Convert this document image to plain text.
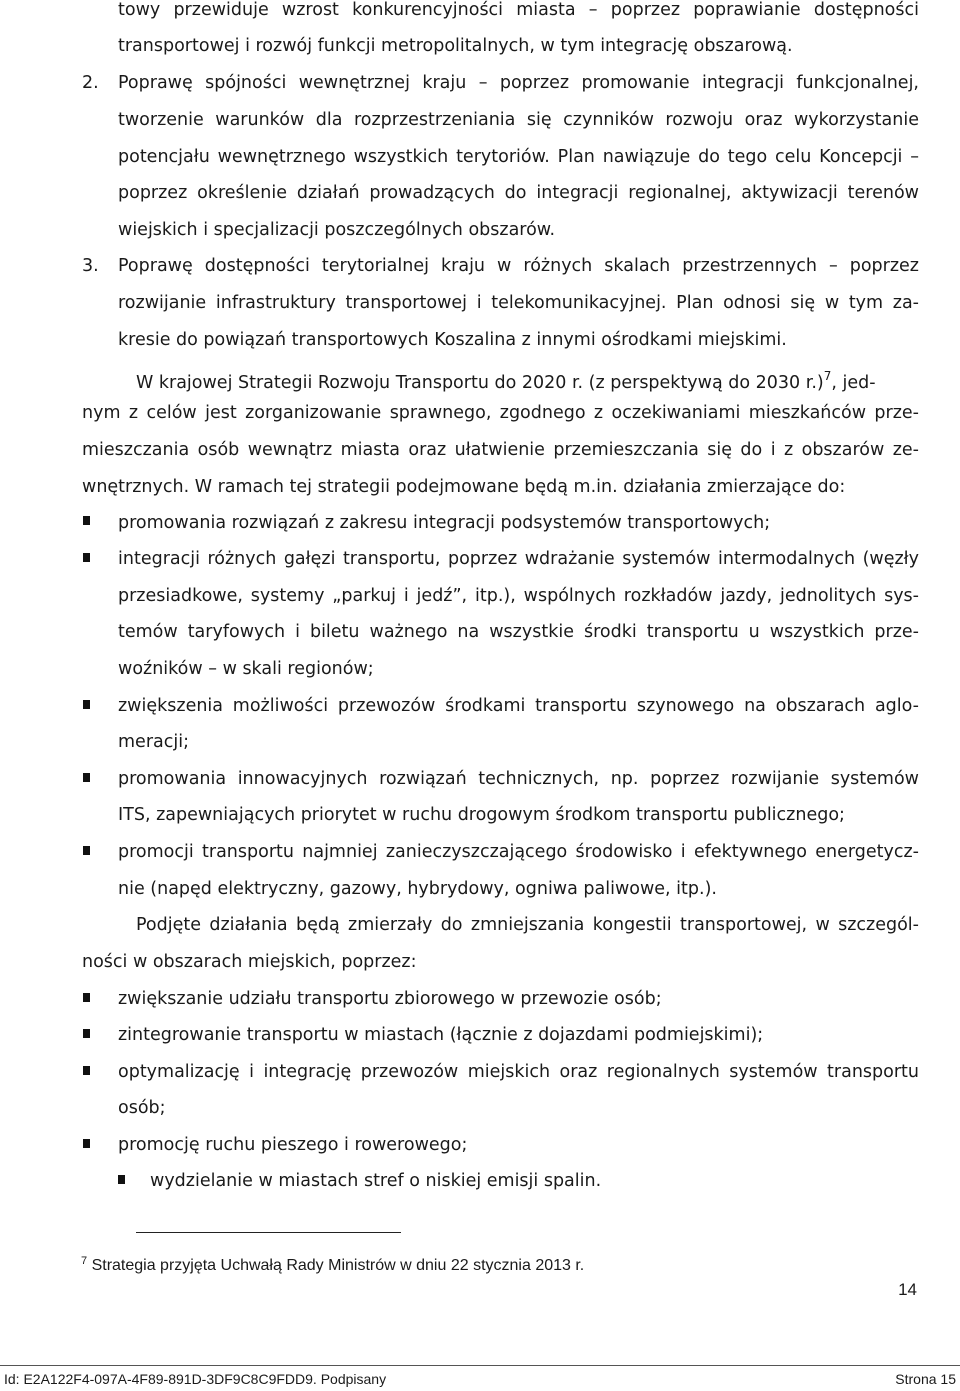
towy przewiduje wzrost konkurencyjności miasta – poprzez poprawianie dostępności
transportowej i rozwój funkcji metropolitalnych, w tym integrację obszarową.
2. Poprawę spójności wewnętrznej kraju – poprzez promowanie integracji funkcjonalnej,
tworzenie warunków dla rozprzestrzeniania się czynników rozwoju oraz wykorzystanie
potencjału wewnętrznego wszystkich terytoriów. Plan nawiązuje do tego celu Koncepcji –
poprzez określenie działań prowadzących do integracji regionalnej, aktywizacji terenów
wiejskich i specjalizacji poszczególnych obszarów.
3. Poprawę dostępności terytorialnej kraju w różnych skalach przestrzennych – poprzez
rozwijanie infrastruktury transportowej i telekomunikacyjnej. Plan odnosi się w tym za-
kresie do powiązań transportowych Koszalina z innymi ośrodkami miejskimi.
W krajowej Strategii Rozwoju Transportu do 2020 r. (z perspektywą do 2030 r.)$^7$, jed-
nym z celów jest zorganizowanie sprawnego, zgodnego z oczekiwaniami mieszkańców prze-
mieszczania osób wewnątrz miasta oraz ułatwienie przemieszczania się do i z obszarów ze-
wnętrznych. W ramach tej strategii podejmowane będą m.in. działania zmierzające do:
promowania rozwiązań z zakresu integracji podsystemów transportowych;
integracji różnych gałęzi transportu, poprzez wdrażanie systemów intermodalnych (węzły
przesiadkowe, systemy „parkuj i jedź”, itp.), wspólnych rozkładów jazdy, jednolitych sys-
temów taryfowych i biletu ważnego na wszystkie środki transportu u wszystkich prze-
woźników – w skali regionów;
zwiększenia możliwości przewozów środkami transportu szynowego na obszarach aglo-
meracji;
promowania innowacyjnych rozwiązań technicznych, np. poprzez rozwijanie systemów
ITS, zapewniających priorytet w ruchu drogowym środkom transportu publicznego;
promocji transportu najmniej zanieczyszczającego środowisko i efektywnego energetycz-
nie (napęd elektryczny, gazowy, hybrydowy, ogniwa paliwowe, itp.).
Podjęte działania będą zmierzały do zmniejszania kongestii transportowej, w szczegól-
ności w obszarach miejskich, poprzez:
zwiększanie udziału transportu zbiorowego w przewozie osób;
zintegrowanie transportu w miastach (łącznie z dojazdami podmiejskimi);
optymalizację i integrację przewozów miejskich oraz regionalnych systemów transportu
osób;
promocję ruchu pieszego i rowerowego;
wydzielanie w miastach stref o niskiej emisji spalin.
$^7$ Strategia przyjęta Uchwałą Rady Ministrów w dniu 22 stycznia 2013 r.
14
Id: E2A122F4-097A-4F89-891D-3DF9C8C9FDD9. Podpisany	Strona 15
